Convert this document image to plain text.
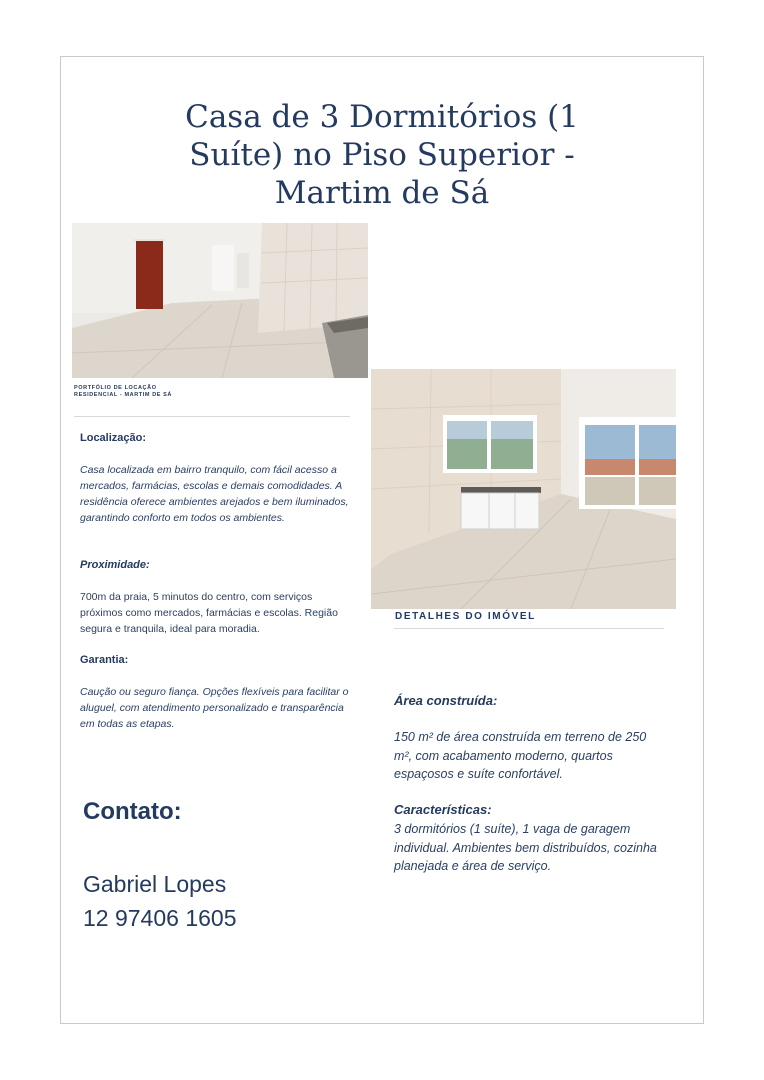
Casa de 3 Dormitórios (1 Suíte) no Piso Superior - Martim de Sá
PORTFÓLIO DE LOCAÇÃO
RESIDENCIAL - MARTIM DE SÁ
Localização:
Casa localizada em bairro tranquilo, com fácil acesso a mercados, farmácias, escolas e demais comodidades. A residência oferece ambientes arejados e bem iluminados, garantindo conforto em todos os ambientes.
Proximidade:
700m da praia, 5 minutos do centro, com serviços próximos como mercados, farmácias e escolas. Região segura e tranquila, ideal para moradia.
Garantia:
Caução ou seguro fiança. Opções flexíveis para facilitar o aluguel, com atendimento personalizado e transparência em todas as etapas.
DETALHES DO IMÓVEL
Área construída:
150 m² de área construída em terreno de 250 m², com acabamento moderno, quartos espaçosos e suíte confortável.
Características:
3 dormitórios (1 suíte), 1 vaga de garagem individual. Ambientes bem distribuídos, cozinha planejada e área de serviço.
Contato:
Gabriel Lopes
12 97406 1605
